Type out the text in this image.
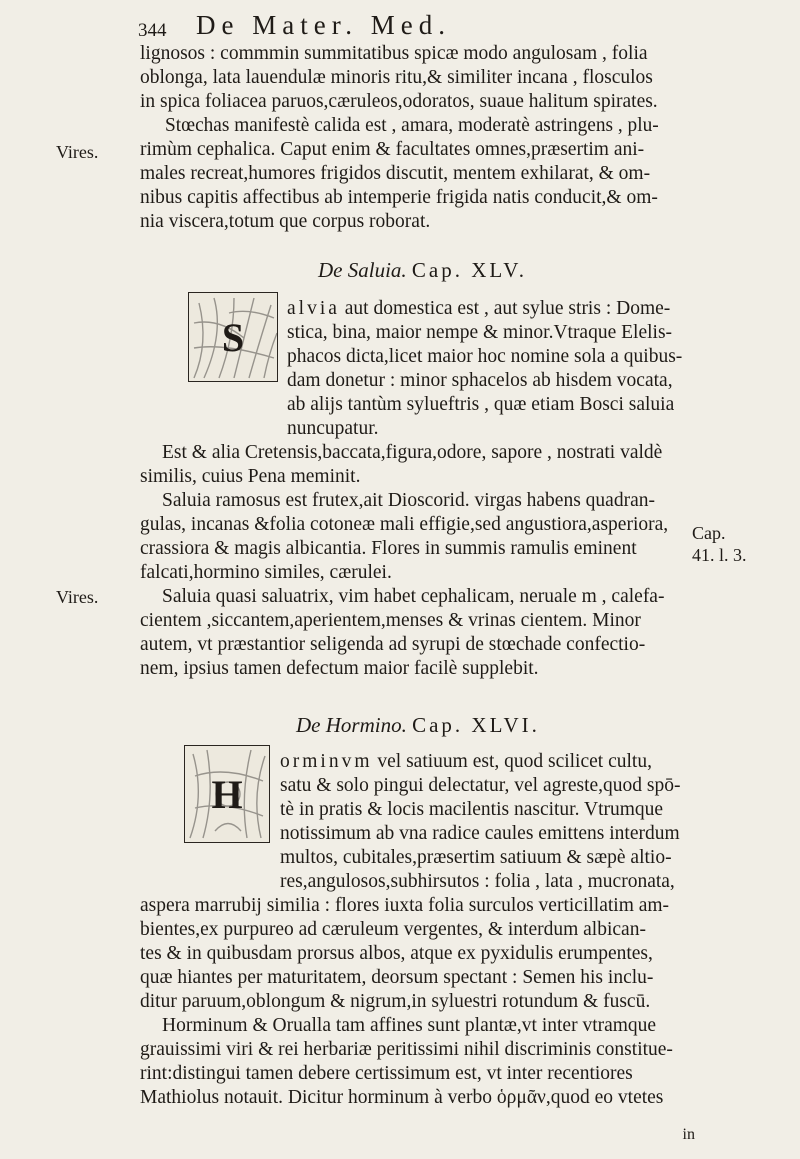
344 De Mater. Med.
lignosos : commmin summitatibus spicæ modo angulosam , folia
oblonga, lata lauendulæ minoris ritu,& similiter incana , flosculos
in spica foliacea paruos,cæruleos,odoratos, suaue halitum spirates.
Stœchas manifestè calida est , amara, moderatè astringens , plu-
rimùm cephalica. Caput enim & facultates omnes,præsertim ani-
males recreat,humores frigidos discutit, mentem exhilarat, & om-
nibus capitis affectibus ab intemperie frigida natis conducit,& om-
nia viscera,totum que corpus roborat.
Vires.
De Saluia. Cap. XLV.
S
alvia aut domestica est , aut sylue stris : Dome-
stica, bina, maior nempe & minor.Vtraque Elelis-
phacos dicta,licet maior hoc nomine sola a quibus-
dam donetur : minor sphacelos ab hisdem vocata,
ab alijs tantùm sylueftris , quæ etiam Bosci saluia
nuncupatur.
Est & alia Cretensis,baccata,figura,odore, sapore , nostrati valdè
similis, cuius Pena meminit.
Saluia ramosus est frutex,ait Dioscorid. virgas habens quadran-
gulas, incanas &folia cotoneæ mali effigie,sed angustiora,asperiora,
crassiora & magis albicantia. Flores in summis ramulis eminent
falcati,hormino similes, cærulei.
Saluia quasi saluatrix, vim habet cephalicam, neruale m , calefa-
cientem ,siccantem,aperientem,menses & vrinas cientem. Minor
autem, vt præstantior seligenda ad syrupi de stœchade confectio-
nem, ipsius tamen defectum maior facilè supplebit.
Cap.
41. l. 3.
Vires.
De Hormino. Cap. XLVI.
H
orminvm vel satiuum est, quod scilicet cultu,
satu & solo pingui delectatur, vel agreste,quod spō-
tè in pratis & locis macilentis nascitur. Vtrumque
notissimum ab vna radice caules emittens interdum
multos, cubitales,præsertim satiuum & sæpè altio-
res,angulosos,subhirsutos : folia , lata , mucronata,
aspera marrubij similia : flores iuxta folia surculos verticillatim am-
bientes,ex purpureo ad cæruleum vergentes, & interdum albican-
tes & in quibusdam prorsus albos, atque ex pyxidulis erumpentes,
quæ hiantes per maturitatem, deorsum spectant : Semen his inclu-
ditur paruum,oblongum & nigrum,in syluestri rotundum & fuscū.
Horminum & Orualla tam affines sunt plantæ,vt inter vtramque
grauissimi viri & rei herbariæ peritissimi nihil discriminis constitue-
rint:distingui tamen debere certissimum est, vt inter recentiores
Mathiolus notauit. Dicitur horminum à verbo ὁρμᾶν,quod eo vtetes
in
